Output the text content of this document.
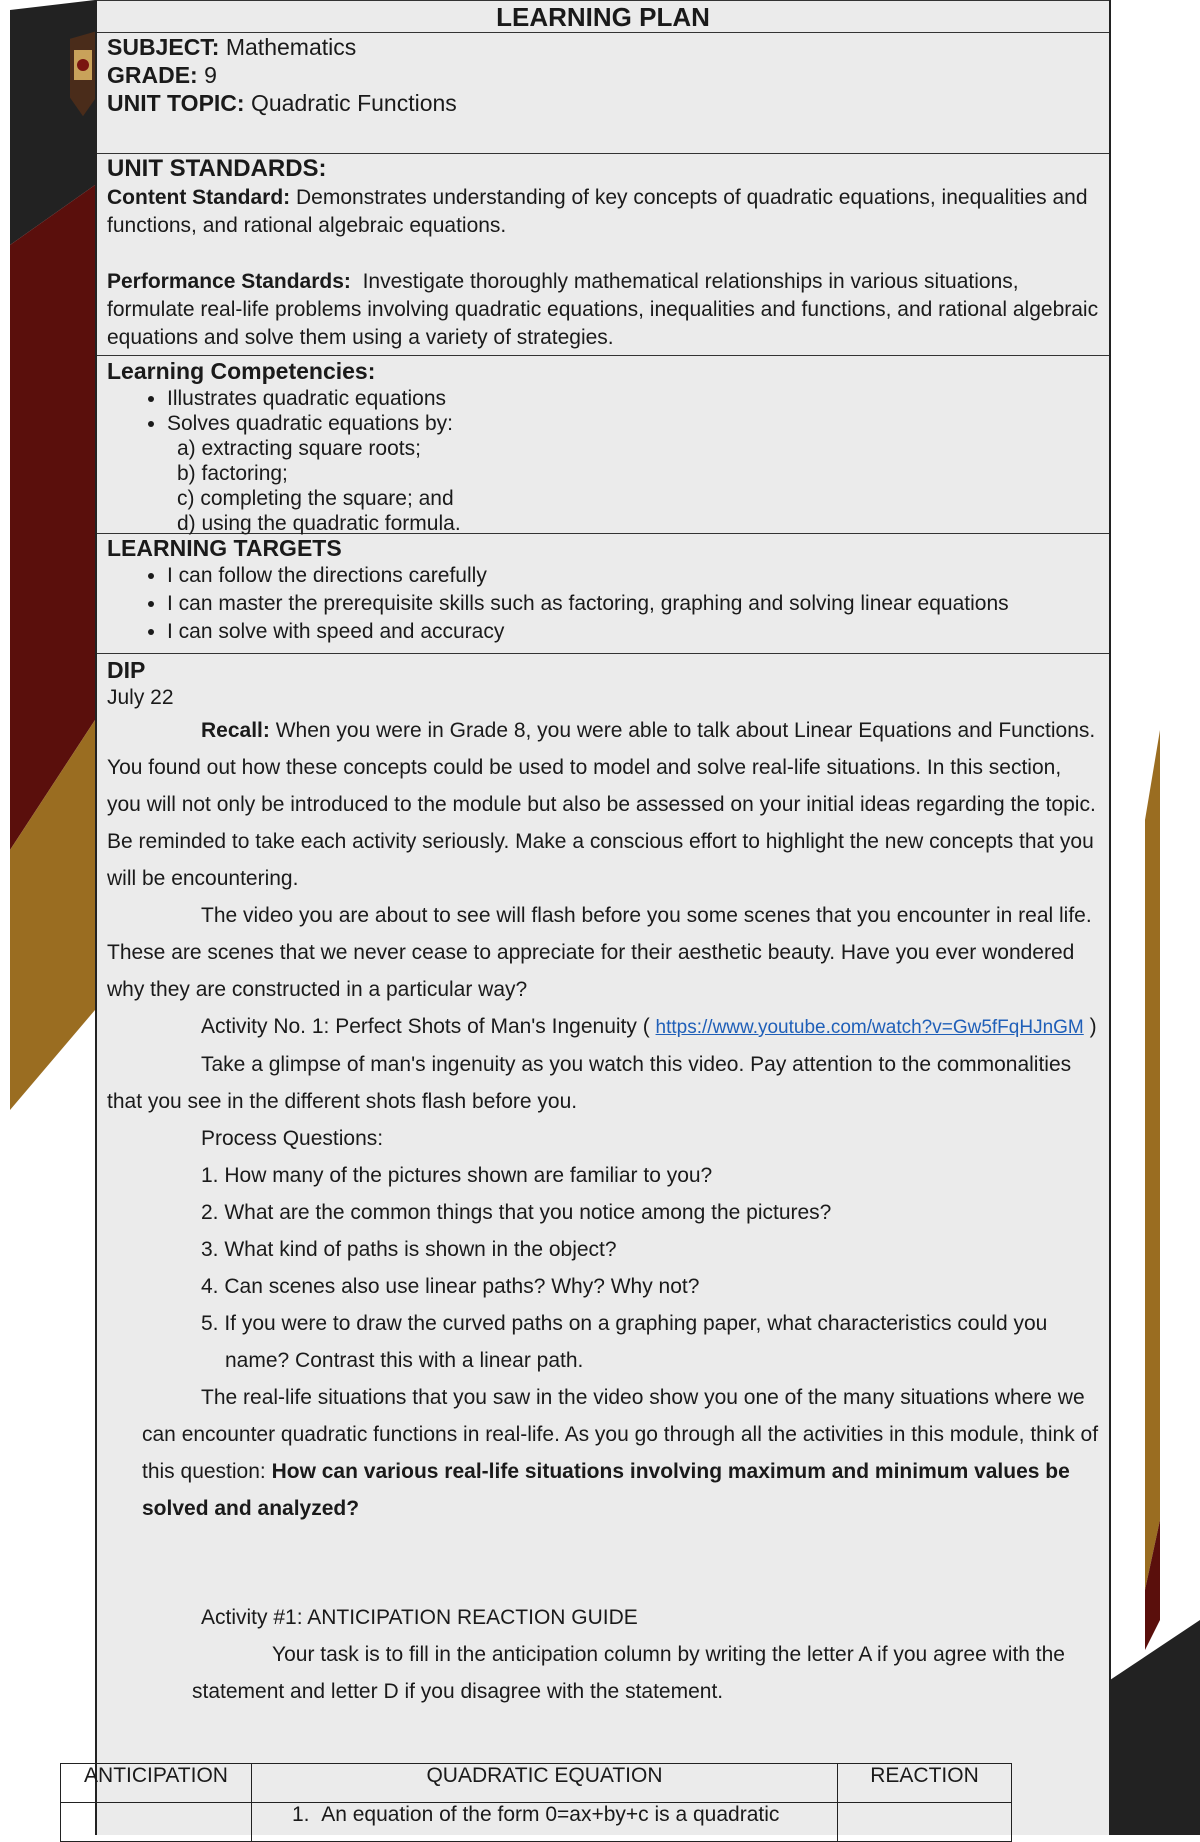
LEARNING PLAN
SUBJECT: Mathematics
GRADE: 9
UNIT TOPIC: Quadratic Functions
UNIT STANDARDS:
Content Standard: Demonstrates understanding of key concepts of quadratic equations, inequalities and functions, and rational algebraic equations.
Performance Standards: Investigate thoroughly mathematical relationships in various situations, formulate real-life problems involving quadratic equations, inequalities and functions, and rational algebraic equations and solve them using a variety of strategies.
Learning Competencies:
• Illustrates quadratic equations
• Solves quadratic equations by:
a) extracting square roots;
b) factoring;
c) completing the square; and
d) using the quadratic formula.
LEARNING TARGETS
• I can follow the directions carefully
• I can master the prerequisite skills such as factoring, graphing and solving linear equations
• I can solve with speed and accuracy
DIP
July 22
Recall: When you were in Grade 8, you were able to talk about Linear Equations and Functions. You found out how these concepts could be used to model and solve real-life situations. In this section, you will not only be introduced to the module but also be assessed on your initial ideas regarding the topic. Be reminded to take each activity seriously. Make a conscious effort to highlight the new concepts that you will be encountering.
The video you are about to see will flash before you some scenes that you encounter in real life. These are scenes that we never cease to appreciate for their aesthetic beauty. Have you ever wondered why they are constructed in a particular way?
Activity No. 1: Perfect Shots of Man's Ingenuity ( https://www.youtube.com/watch?v=Gw5fFqHJnGM )
Take a glimpse of man's ingenuity as you watch this video. Pay attention to the commonalities that you see in the different shots flash before you.
Process Questions:
1. How many of the pictures shown are familiar to you?
2. What are the common things that you notice among the pictures?
3. What kind of paths is shown in the object?
4. Can scenes also use linear paths? Why? Why not?
5. If you were to draw the curved paths on a graphing paper, what characteristics could you name? Contrast this with a linear path.
The real-life situations that you saw in the video show you one of the many situations where we can encounter quadratic functions in real-life. As you go through all the activities in this module, think of this question: How can various real-life situations involving maximum and minimum values be solved and analyzed?
Activity #1: ANTICIPATION REACTION GUIDE
Your task is to fill in the anticipation column by writing the letter A if you agree with the statement and letter D if you disagree with the statement.
ANTICIPATION	QUADRATIC EQUATION	REACTION
	1. An equation of the form 0=ax+by+c is a quadratic	
